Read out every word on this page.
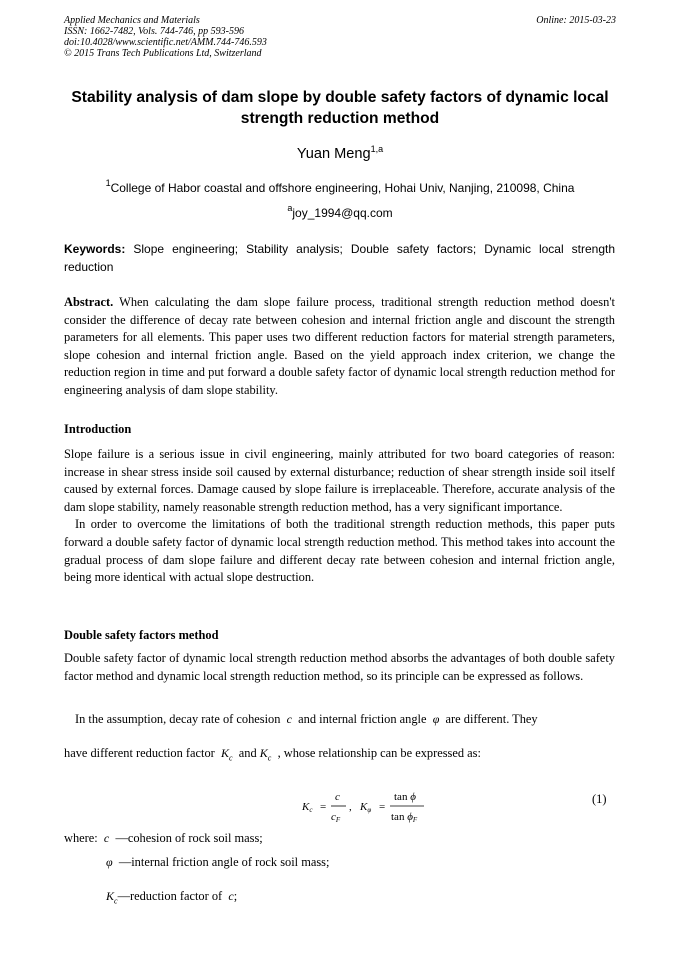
Applied Mechanics and Materials
ISSN: 1662-7482, Vols. 744-746, pp 593-596
doi:10.4028/www.scientific.net/AMM.744-746.593
© 2015 Trans Tech Publications Ltd, Switzerland
Online: 2015-03-23
Stability analysis of dam slope by double safety factors of dynamic local strength reduction method
Yuan Meng$^{1,a}$
$^1$College of Habor coastal and offshore engineering, Hohai Univ, Nanjing, 210098, China
$^a$joy_1994@qq.com
Keywords: Slope engineering; Stability analysis; Double safety factors; Dynamic local strength reduction
Abstract. When calculating the dam slope failure process, traditional strength reduction method doesn't consider the difference of decay rate between cohesion and internal friction angle and discount the strength parameters for all elements. This paper uses two different reduction factors for material strength parameters, slope cohesion and internal friction angle. Based on the yield approach index criterion, we change the reduction region in time and put forward a double safety factor of dynamic local strength reduction method for engineering analysis of dam slope stability.
Introduction
Slope failure is a serious issue in civil engineering, mainly attributed for two board categories of reason: increase in shear stress inside soil caused by external disturbance; reduction of shear strength inside soil itself caused by external forces. Damage caused by slope failure is irreplaceable. Therefore, accurate analysis of the dam slope stability, namely reasonable strength reduction method, has a very significant importance.
In order to overcome the limitations of both the traditional strength reduction methods, this paper puts forward a double safety factor of dynamic local strength reduction method. This method takes into account the gradual process of dam slope failure and different decay rate between cohesion and internal friction angle, being more identical with actual slope destruction.
Double safety factors method
Double safety factor of dynamic local strength reduction method absorbs the advantages of both double safety factor method and dynamic local strength reduction method, so its principle can be expressed as follows.
In the assumption, decay rate of cohesion c and internal friction angle φ are different. They
have different reduction factor $K_c$ and $K_c$ , whose relationship can be expressed as:
Kc =
c
cF
, Kφ =
tan ϕ
tan ϕF
(1)
where: c —cohesion of rock soil mass;
φ —internal friction angle of rock soil mass;
$K_c—reduction$ factor of c;
